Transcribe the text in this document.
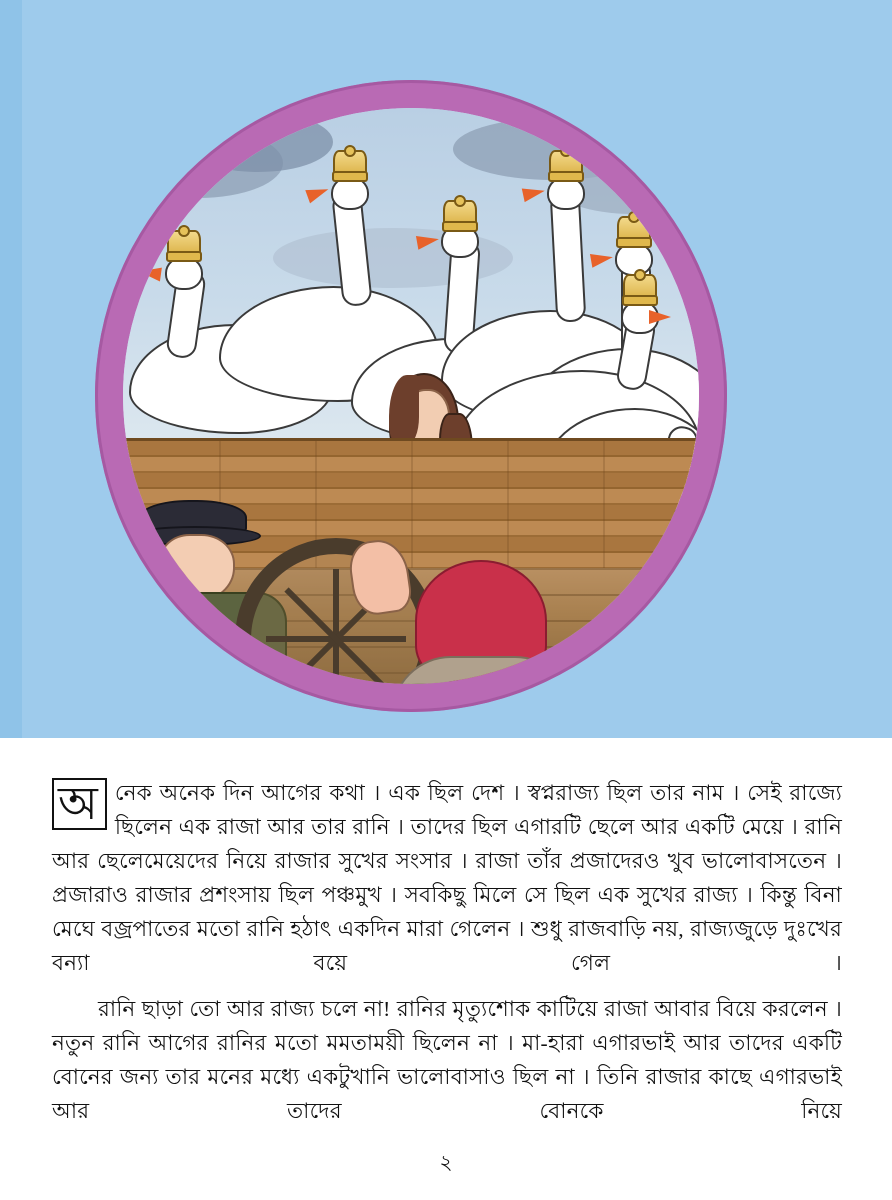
অ নেক অনেক দিন আগের কথা । এক ছিল দেশ । স্বপ্নরাজ্য ছিল তার নাম । সেই রাজ্যে ছিলেন এক রাজা আর তার রানি । তাদের ছিল এগারটি ছেলে আর একটি মেয়ে । রানি আর ছেলেমেয়েদের নিয়ে রাজার সুখের সংসার । রাজা তাঁর প্রজাদেরও খুব ভালোবাসতেন । প্রজারাও রাজার প্রশংসায় ছিল পঞ্চমুখ । সবকিছু মিলে সে ছিল এক সুখের রাজ্য । কিন্তু বিনা মেঘে বজ্রপাতের মতো রানি হঠাৎ একদিন মারা গেলেন । শুধু রাজবাড়ি নয়, রাজ্যজুড়ে দুঃখের বন্যা বয়ে গেল ।

রানি ছাড়া তো আর রাজ্য চলে না! রানির মৃত্যুশোক কাটিয়ে রাজা আবার বিয়ে করলেন । নতুন রানি আগের রানির মতো মমতাময়ী ছিলেন না । মা-হারা এগারভাই আর তাদের একটি বোনের জন্য তার মনের মধ্যে একটুখানি ভালোবাসাও ছিল না । তিনি রাজার কাছে এগারভাই আর তাদের বোনকে নিয়ে

২
